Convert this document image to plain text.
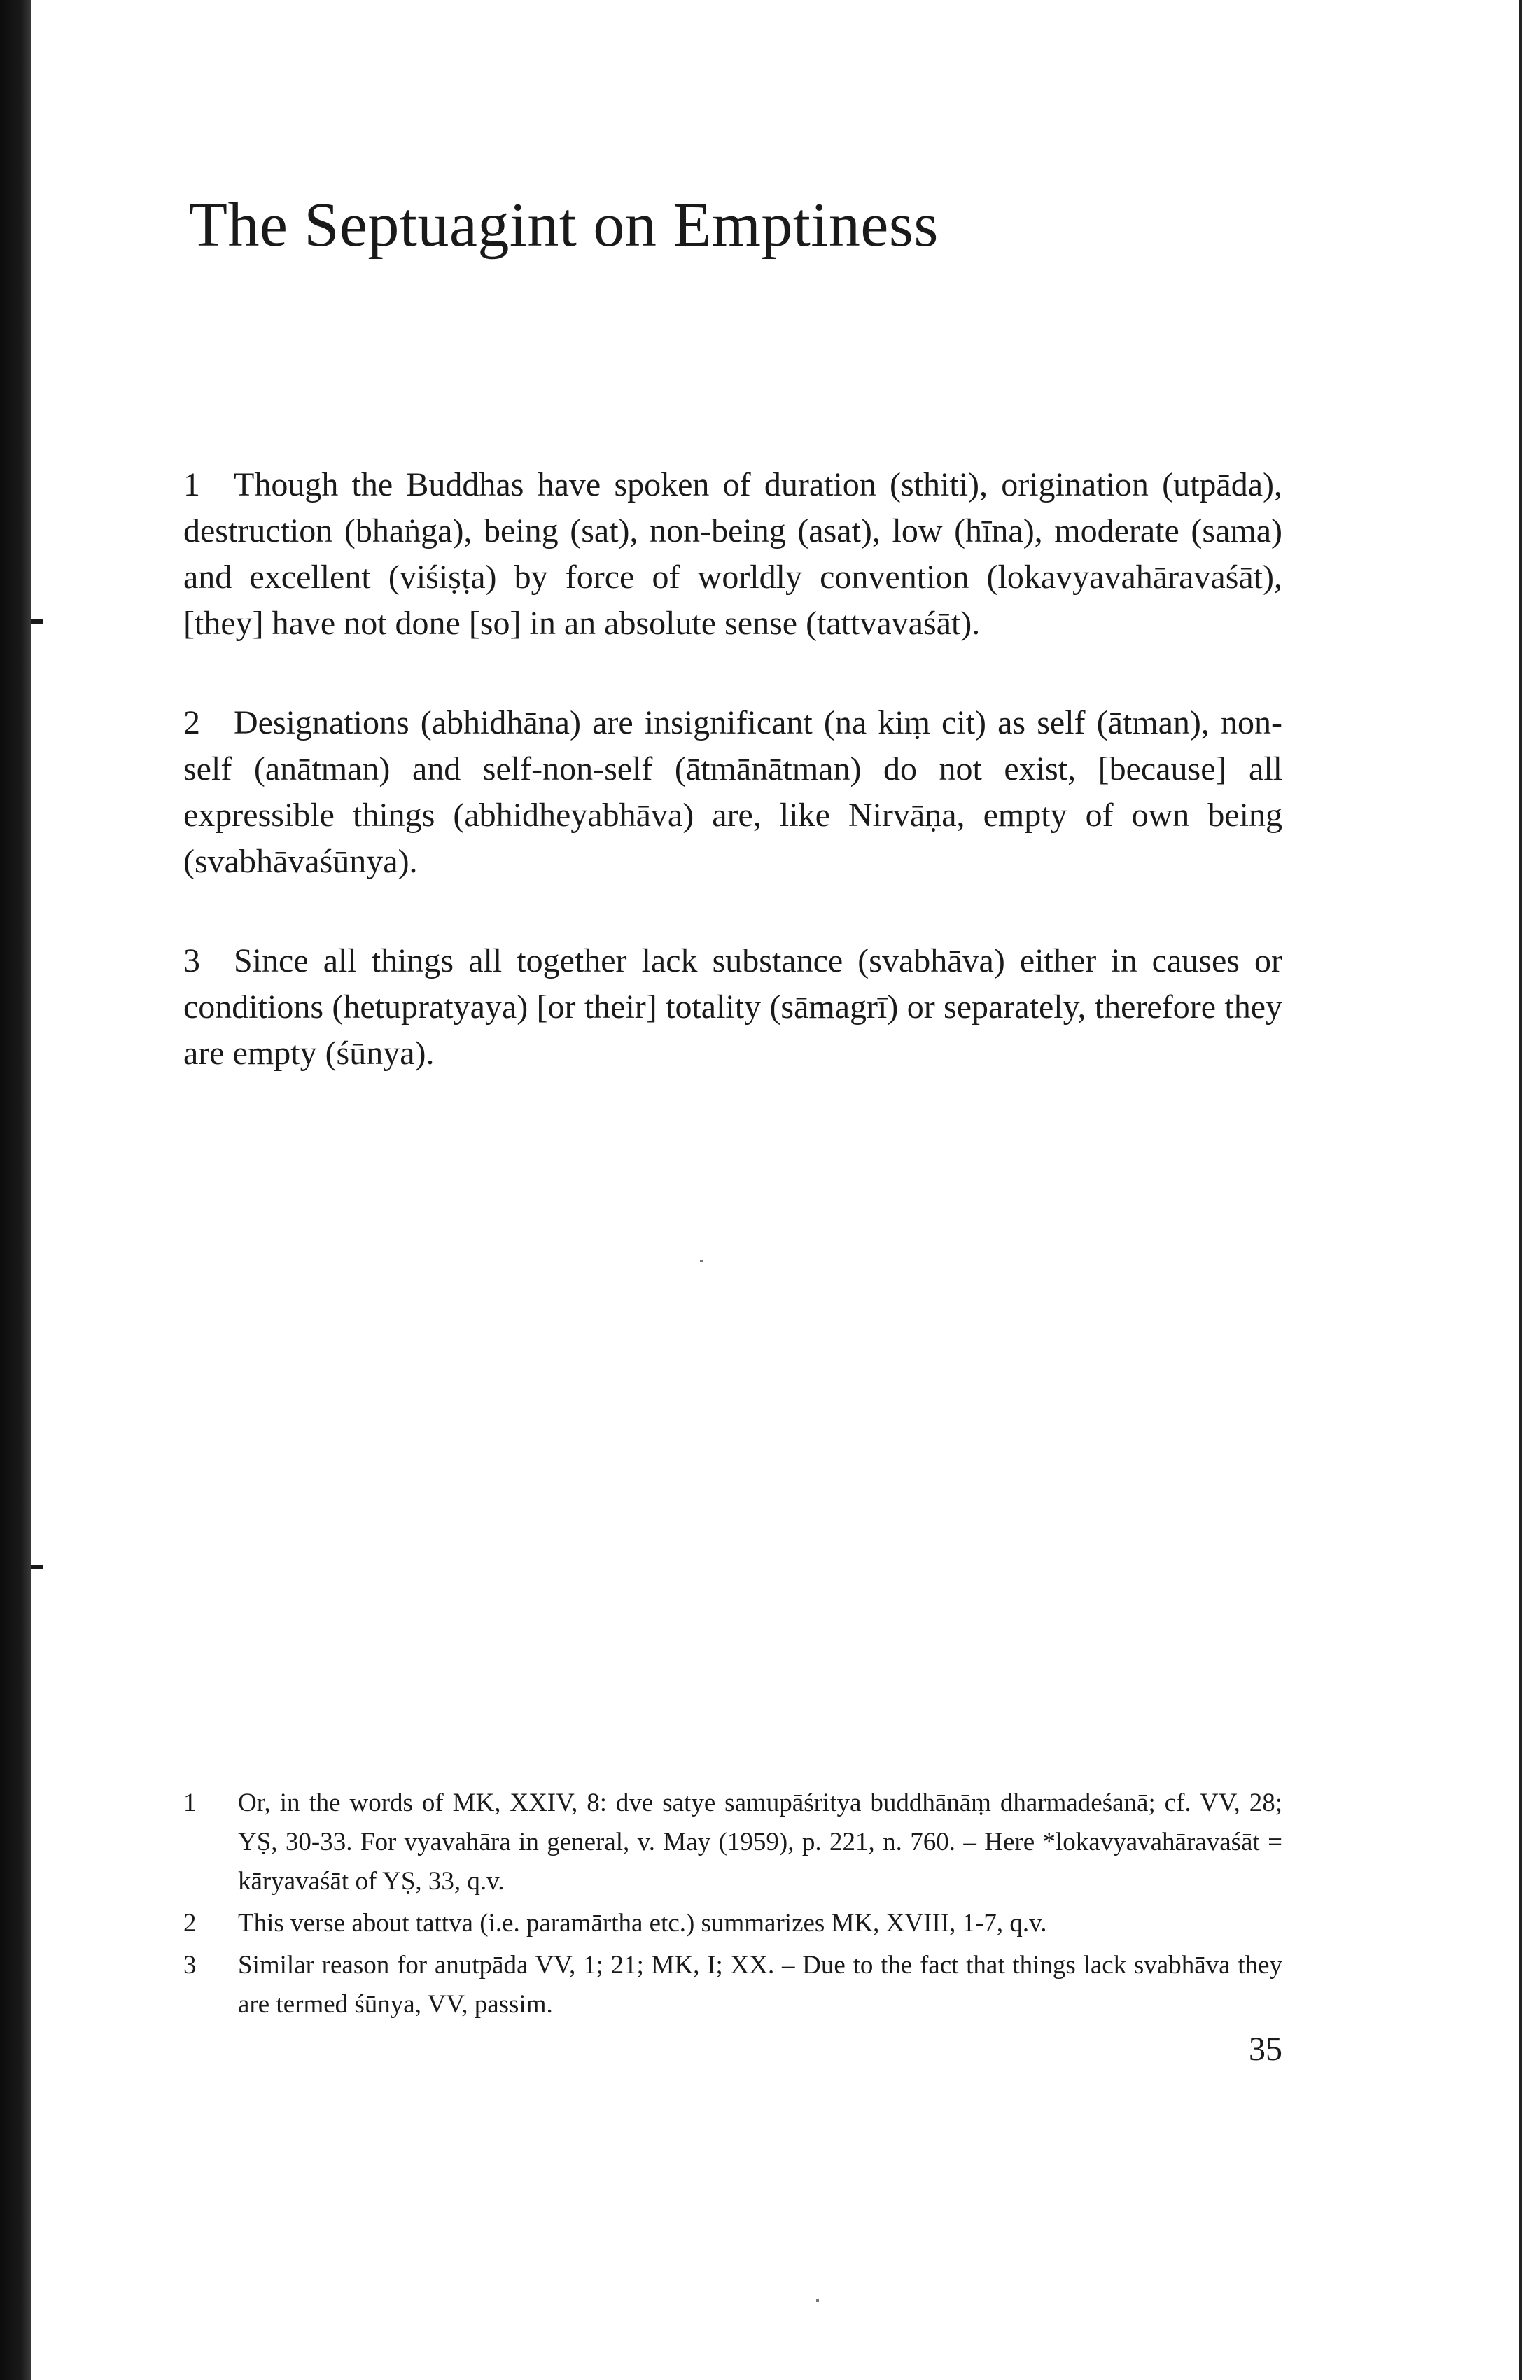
The Septuagint on Emptiness

1 Though the Buddhas have spoken of duration (sthiti), origination (utpāda), destruction (bhaṅga), being (sat), non-being (asat), low (hīna), moderate (sama) and excellent (viśiṣṭa) by force of worldly convention (lokavyavahāravaśāt), [they] have not done [so] in an absolute sense (tattvavaśāt).

2 Designations (abhidhāna) are insignificant (na kiṃ cit) as self (ātman), non-self (anātman) and self-non-self (ātmānātman) do not exist, [because] all expressible things (abhidheyabhāva) are, like Nirvāṇa, empty of own being (svabhāvaśūnya).

3 Since all things all together lack substance (svabhāva) either in causes or conditions (hetupratyaya) [or their] totality (sāmagrī) or separately, therefore they are empty (śūnya).

1 Or, in the words of MK, XXIV, 8: dve satye samupāśritya buddhānāṃ dharmadeśanā; cf. VV, 28; YṢ, 30-33. For vyavahāra in general, v. May (1959), p. 221, n. 760. – Here *lokavyavahāravaśāt = kāryavaśāt of YṢ, 33, q.v.

2 This verse about tattva (i.e. paramārtha etc.) summarizes MK, XVIII, 1-7, q.v.

3 Similar reason for anutpāda VV, 1; 21; MK, I; XX. – Due to the fact that things lack svabhāva they are termed śūnya, VV, passim.

35
